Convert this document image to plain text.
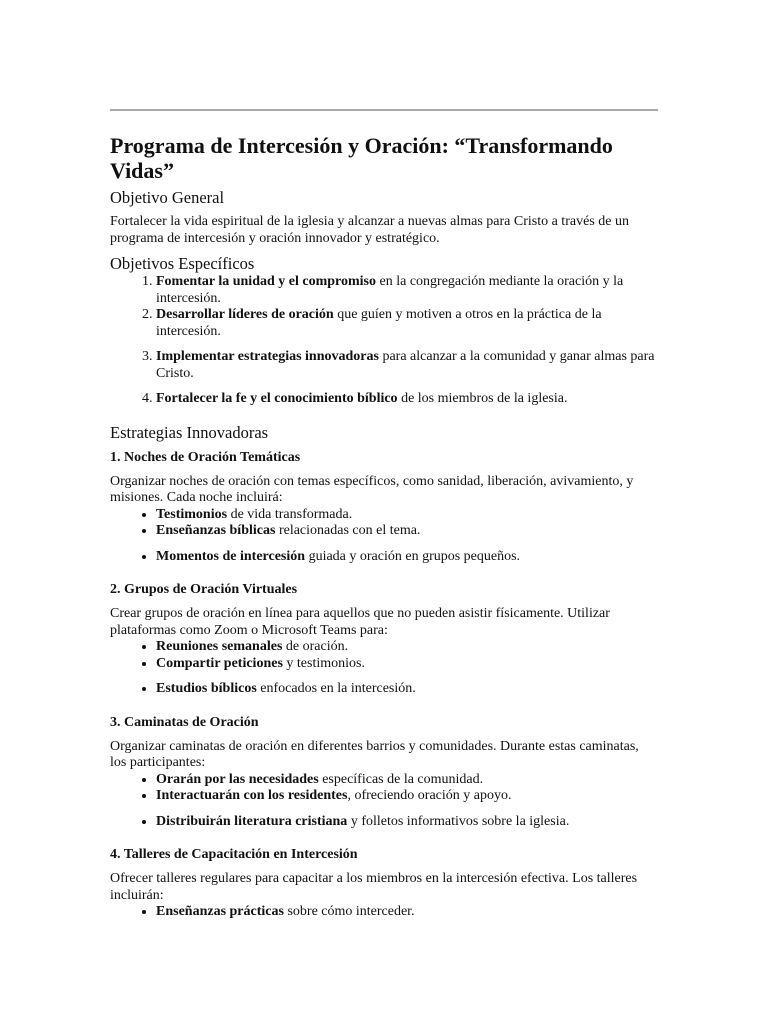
Programa de Intercesión y Oración: “Transformando Vidas”
Objetivo General

Fortalecer la vida espiritual de la iglesia y alcanzar a nuevas almas para Cristo a través de un programa de intercesión y oración innovador y estratégico.

Objetivos Específicos
1. Fomentar la unidad y el compromiso en la congregación mediante la oración y la intercesión.
2. Desarrollar líderes de oración que guíen y motiven a otros en la práctica de la intercesión.
3. Implementar estrategias innovadoras para alcanzar a la comunidad y ganar almas para Cristo.
4. Fortalecer la fe y el conocimiento bíblico de los miembros de la iglesia.
Estrategias Innovadoras
1. Noches de Oración Temáticas

Organizar noches de oración con temas específicos, como sanidad, liberación, avivamiento, y misiones. Cada noche incluirá:

• Testimonios de vida transformada.
• Enseñanzas bíblicas relacionadas con el tema.
• Momentos de intercesión guiada y oración en grupos pequeños.
2. Grupos de Oración Virtuales

Crear grupos de oración en línea para aquellos que no pueden asistir físicamente. Utilizar plataformas como Zoom o Microsoft Teams para:

• Reuniones semanales de oración.
• Compartir peticiones y testimonios.
• Estudios bíblicos enfocados en la intercesión.
3. Caminatas de Oración

Organizar caminatas de oración en diferentes barrios y comunidades. Durante estas caminatas, los participantes:

• Orarán por las necesidades específicas de la comunidad.
• Interactuarán con los residentes, ofreciendo oración y apoyo.
• Distribuirán literatura cristiana y folletos informativos sobre la iglesia.
4. Talleres de Capacitación en Intercesión

Ofrecer talleres regulares para capacitar a los miembros en la intercesión efectiva. Los talleres incluirán:

• Enseñanzas prácticas sobre cómo interceder.
